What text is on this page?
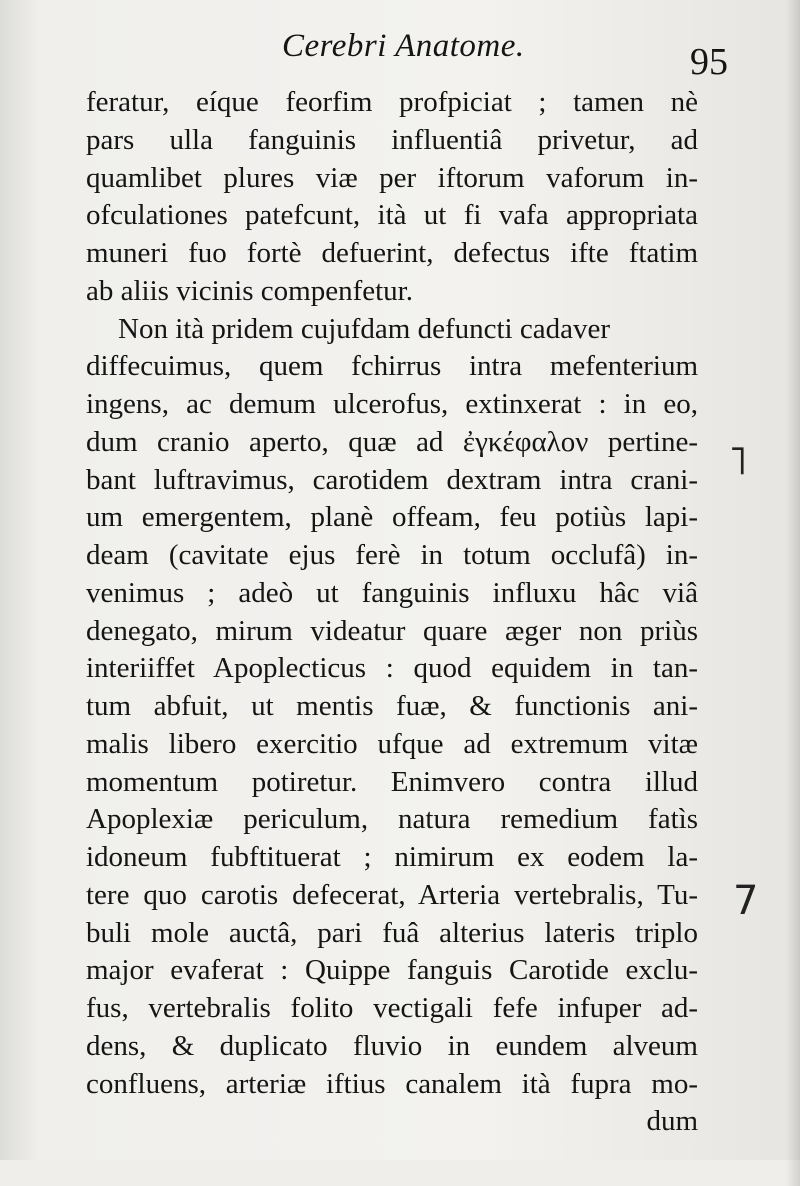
Cerebri Anatome.	95
feratur, eíque feorfim profpiciat ; tamen nè
pars ulla fanguinis influentiâ privetur, ad
quamlibet plures viæ per iftorum vaforum in-
ofculationes patefcunt, ità ut fi vafa appropriata
muneri fuo fortè defuerint, defectus ifte ftatim
ab aliis vicinis compenfetur.
Non ità pridem cujufdam defuncti cadaver
diffecuimus, quem fchirrus intra mefenterium
ingens, ac demum ulcerofus, extinxerat : in eo,
dum cranio aperto, quæ ad ἐγκέφαλον pertine-
bant luftravimus, carotidem dextram intra crani-
um emergentem, planè offeam, feu potiùs lapi-
deam (cavitate ejus ferè in totum occlufâ) in-
venimus ; adeò ut fanguinis influxu hâc viâ
denegato, mirum videatur quare æger non priùs
interiiffet Apoplecticus : quod equidem in tan-
tum abfuit, ut mentis fuæ, & functionis ani-
malis libero exercitio ufque ad extremum vitæ
momentum potiretur. Enimvero contra illud
Apoplexiæ periculum, natura remedium fatìs
idoneum fubftituerat ; nimirum ex eodem la-
tere quo carotis defecerat, Arteria vertebralis, Tu-
buli mole auctâ, pari fuâ alterius lateris triplo
major evaferat : Quippe fanguis Carotide exclu-
fus, vertebralis folito vectigali fefe infuper ad-
dens, & duplicato fluvio in eundem alveum
confluens, arteriæ iftius canalem ità fupra mo-
dum
˥
7
